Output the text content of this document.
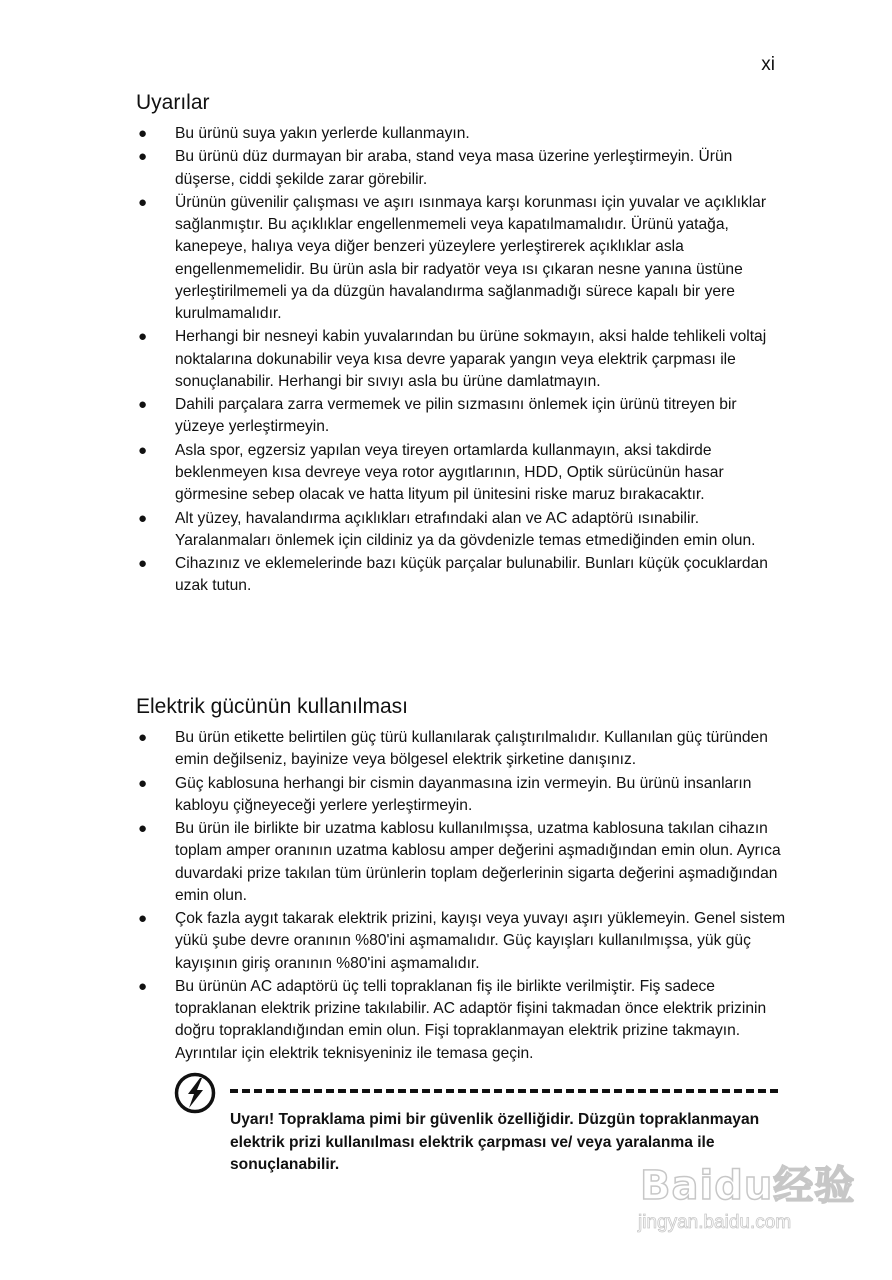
xi
Uyarılar
● Bu ürünü suya yakın yerlerde kullanmayın.
● Bu ürünü düz durmayan bir araba, stand veya masa üzerine yerleştirmeyin. Ürün düşerse, ciddi şekilde zarar görebilir.
● Ürünün güvenilir çalışması ve aşırı ısınmaya karşı korunması için yuvalar ve açıklıklar sağlanmıştır. Bu açıklıklar engellenmemeli veya kapatılmamalıdır. Ürünü yatağa, kanepeye, halıya veya diğer benzeri yüzeylere yerleştirerek açıklıklar asla engellenmemelidir. Bu ürün asla bir radyatör veya ısı çıkaran nesne yanına üstüne yerleştirilmemeli ya da düzgün havalandırma sağlanmadığı sürece kapalı bir yere kurulmamalıdır.
● Herhangi bir nesneyi kabin yuvalarından bu ürüne sokmayın, aksi halde tehlikeli voltaj noktalarına dokunabilir veya kısa devre yaparak yangın veya elektrik çarpması ile sonuçlanabilir. Herhangi bir sıvıyı asla bu ürüne damlatmayın.
● Dahili parçalara zarra vermemek ve pilin sızmasını önlemek için ürünü titreyen bir yüzeye yerleştirmeyin.
● Asla spor, egzersiz yapılan veya tireyen ortamlarda kullanmayın, aksi takdirde beklenmeyen kısa devreye veya rotor aygıtlarının, HDD, Optik sürücünün hasar görmesine sebep olacak ve hatta lityum pil ünitesini riske maruz bırakacaktır.
● Alt yüzey, havalandırma açıklıkları etrafındaki alan ve AC adaptörü ısınabilir. Yaralanmaları önlemek için cildiniz ya da gövdenizle temas etmediğinden emin olun.
● Cihazınız ve eklemelerinde bazı küçük parçalar bulunabilir. Bunları küçük çocuklardan uzak tutun.
Elektrik gücünün kullanılması
● Bu ürün etikette belirtilen güç türü kullanılarak çalıştırılmalıdır. Kullanılan güç türünden emin değilseniz, bayinize veya bölgesel elektrik şirketine danışınız.
● Güç kablosuna herhangi bir cismin dayanmasına izin vermeyin. Bu ürünü insanların kabloyu çiğneyeceği yerlere yerleştirmeyin.
● Bu ürün ile birlikte bir uzatma kablosu kullanılmışsa, uzatma kablosuna takılan cihazın toplam amper oranının uzatma kablosu amper değerini aşmadığından emin olun. Ayrıca duvardaki prize takılan tüm ürünlerin toplam değerlerinin sigarta değerini aşmadığından emin olun.
● Çok fazla aygıt takarak elektrik prizini, kayışı veya yuvayı aşırı yüklemeyin. Genel sistem yükü şube devre oranının %80'ini aşmamalıdır. Güç kayışları kullanılmışsa, yük güç kayışının giriş oranının %80'ini aşmamalıdır.
● Bu ürünün AC adaptörü üç telli topraklanan fiş ile birlikte verilmiştir. Fiş sadece topraklanan elektrik prizine takılabilir. AC adaptör fişini takmadan önce elektrik prizinin doğru topraklandığından emin olun. Fişi topraklanmayan elektrik prizine takmayın. Ayrıntılar için elektrik teknisyeniniz ile temasa geçin.
Uyarı! Topraklama pimi bir güvenlik özelliğidir. Düzgün topraklanmayan elektrik prizi kullanılması elektrik çarpması ve/ veya yaralanma ile sonuçlanabilir.	Baidu经验
jingyan.baidu.com
